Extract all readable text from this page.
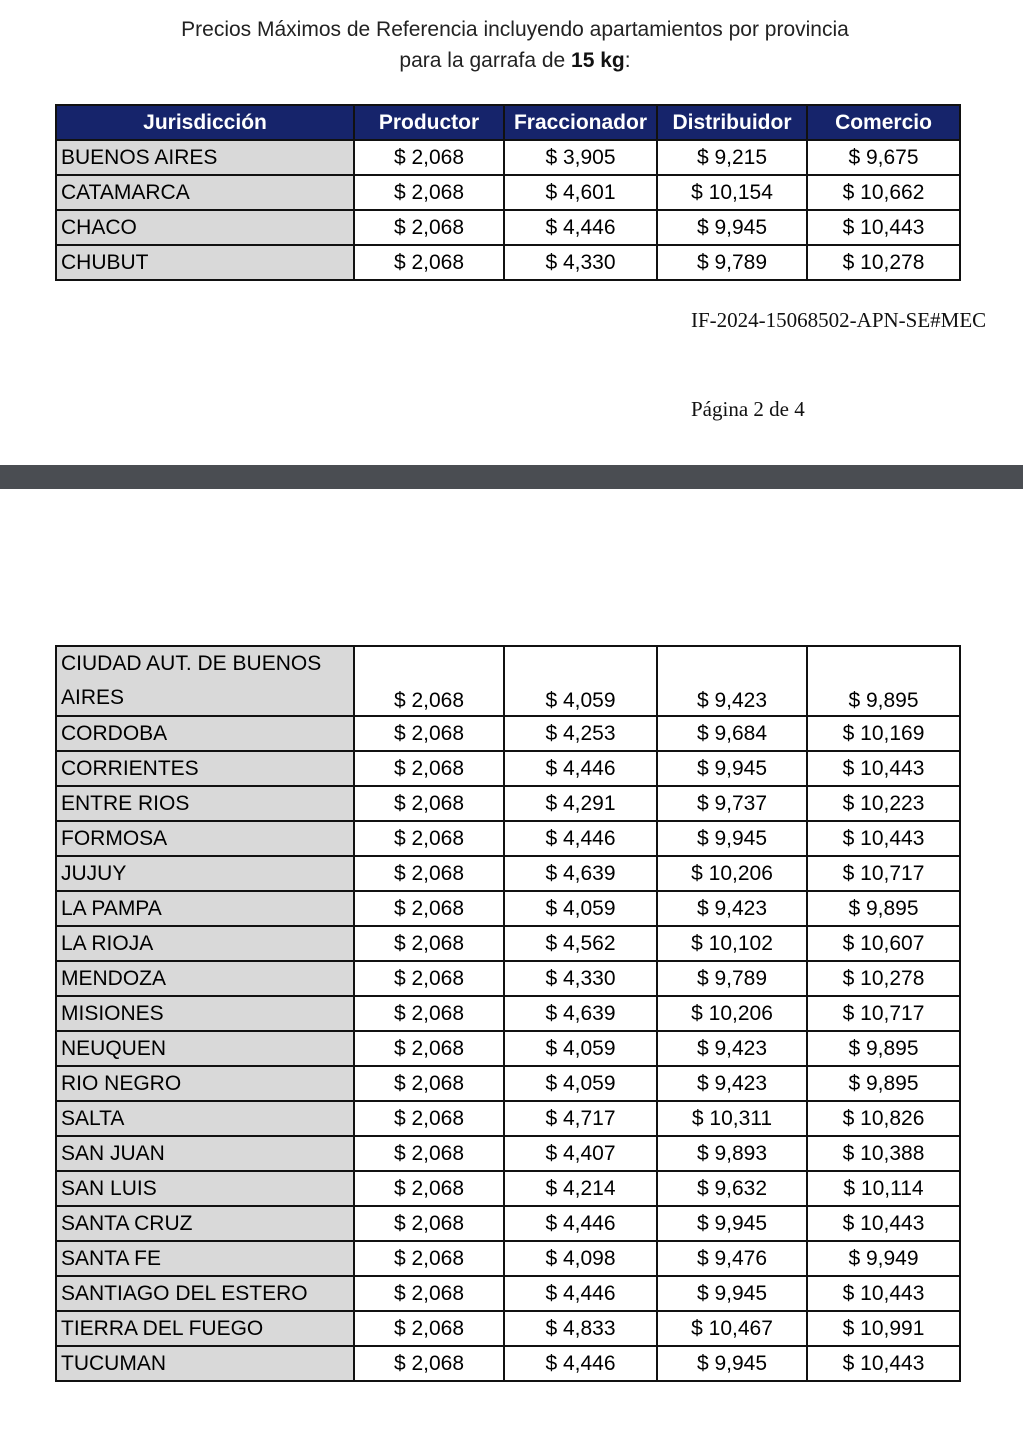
Precios Máximos de Referencia incluyendo apartamientos por provincia
para la garrafa de 15 kg:
Jurisdicción	Productor	Fraccionador	Distribuidor	Comercio
BUENOS AIRES	$ 2,068	$ 3,905	$ 9,215	$ 9,675
CATAMARCA	$ 2,068	$ 4,601	$ 10,154	$ 10,662
CHACO	$ 2,068	$ 4,446	$ 9,945	$ 10,443
CHUBUT	$ 2,068	$ 4,330	$ 9,789	$ 10,278
IF-2024-15068502-APN-SE#MEC
Página 2 de 4
CIUDAD AUT. DE BUENOS AIRES	$ 2,068	$ 4,059	$ 9,423	$ 9,895
CORDOBA	$ 2,068	$ 4,253	$ 9,684	$ 10,169
CORRIENTES	$ 2,068	$ 4,446	$ 9,945	$ 10,443
ENTRE RIOS	$ 2,068	$ 4,291	$ 9,737	$ 10,223
FORMOSA	$ 2,068	$ 4,446	$ 9,945	$ 10,443
JUJUY	$ 2,068	$ 4,639	$ 10,206	$ 10,717
LA PAMPA	$ 2,068	$ 4,059	$ 9,423	$ 9,895
LA RIOJA	$ 2,068	$ 4,562	$ 10,102	$ 10,607
MENDOZA	$ 2,068	$ 4,330	$ 9,789	$ 10,278
MISIONES	$ 2,068	$ 4,639	$ 10,206	$ 10,717
NEUQUEN	$ 2,068	$ 4,059	$ 9,423	$ 9,895
RIO NEGRO	$ 2,068	$ 4,059	$ 9,423	$ 9,895
SALTA	$ 2,068	$ 4,717	$ 10,311	$ 10,826
SAN JUAN	$ 2,068	$ 4,407	$ 9,893	$ 10,388
SAN LUIS	$ 2,068	$ 4,214	$ 9,632	$ 10,114
SANTA CRUZ	$ 2,068	$ 4,446	$ 9,945	$ 10,443
SANTA FE	$ 2,068	$ 4,098	$ 9,476	$ 9,949
SANTIAGO DEL ESTERO	$ 2,068	$ 4,446	$ 9,945	$ 10,443
TIERRA DEL FUEGO	$ 2,068	$ 4,833	$ 10,467	$ 10,991
TUCUMAN	$ 2,068	$ 4,446	$ 9,945	$ 10,443
